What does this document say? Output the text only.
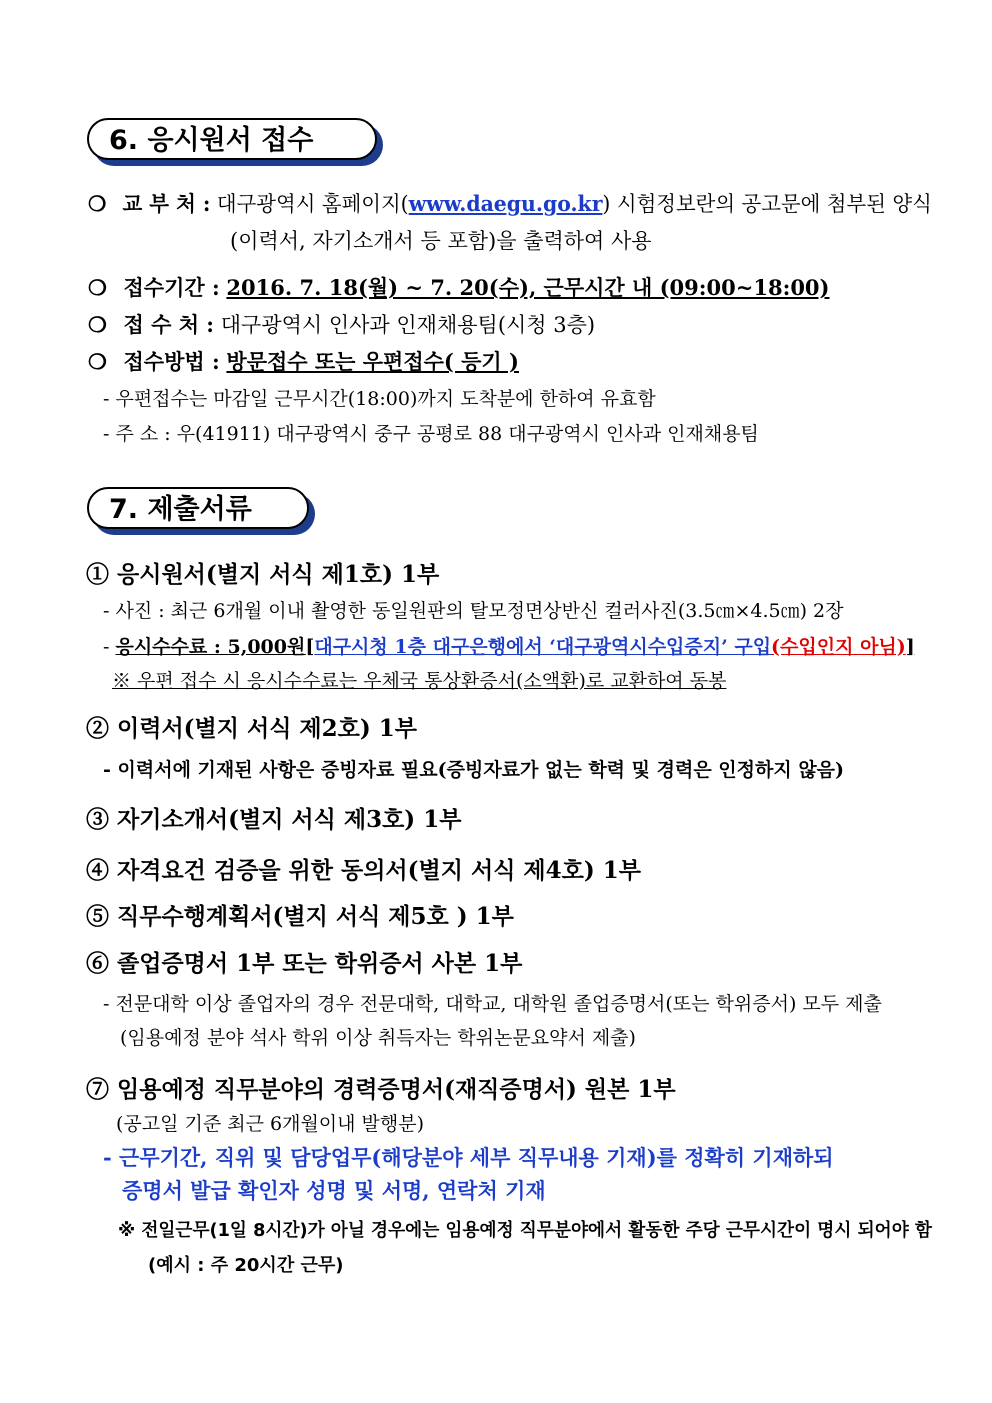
6. 응시원서 접수
❍ 교 부 처 : 대구광역시 홈페이지(www.daegu.go.kr) 시험정보란의 공고문에 첨부된 양식
(이력서, 자기소개서 등 포함)을 출력하여 사용
❍ 접수기간 : 2016. 7. 18(월) ~ 7. 20(수), 근무시간 내 (09:00~18:00)
❍ 접 수 처 : 대구광역시 인사과 인재채용팀(시청 3층)
❍ 접수방법 : 방문접수 또는 우편접수( 등기 )
- 우편접수는 마감일 근무시간(18:00)까지 도착분에 한하여 유효함
- 주 소 : 우(41911) 대구광역시 중구 공평로 88 대구광역시 인사과 인재채용팀
7. 제출서류
① 응시원서(별지 서식 제1호) 1부
- 사진 : 최근 6개월 이내 촬영한 동일원판의 탈모정면상반신 컬러사진(3.5㎝×4.5㎝) 2장
- 응시수수료 : 5,000원[대구시청 1층 대구은행에서 ‘대구광역시수입증지’ 구입(수입인지 아님)]
※ 우편 접수 시 응시수수료는 우체국 통상환증서(소액환)로 교환하여 동봉
② 이력서(별지 서식 제2호) 1부
- 이력서에 기재된 사항은 증빙자료 필요(증빙자료가 없는 학력 및 경력은 인정하지 않음)
③ 자기소개서(별지 서식 제3호) 1부
④ 자격요건 검증을 위한 동의서(별지 서식 제4호) 1부
⑤ 직무수행계획서(별지 서식 제5호 ) 1부
⑥ 졸업증명서 1부 또는 학위증서 사본 1부
- 전문대학 이상 졸업자의 경우 전문대학, 대학교, 대학원 졸업증명서(또는 학위증서) 모두 제출
(임용예정 분야 석사 학위 이상 취득자는 학위논문요약서 제출)
⑦ 임용예정 직무분야의 경력증명서(재직증명서) 원본 1부
(공고일 기준 최근 6개월이내 발행분)
- 근무기간, 직위 및 담당업무(해당분야 세부 직무내용 기재)를 정확히 기재하되
증명서 발급 확인자 성명 및 서명, 연락처 기재
※ 전일근무(1일 8시간)가 아닐 경우에는 임용예정 직무분야에서 활동한 주당 근무시간이 명시 되어야 함
(예시 : 주 20시간 근무)
